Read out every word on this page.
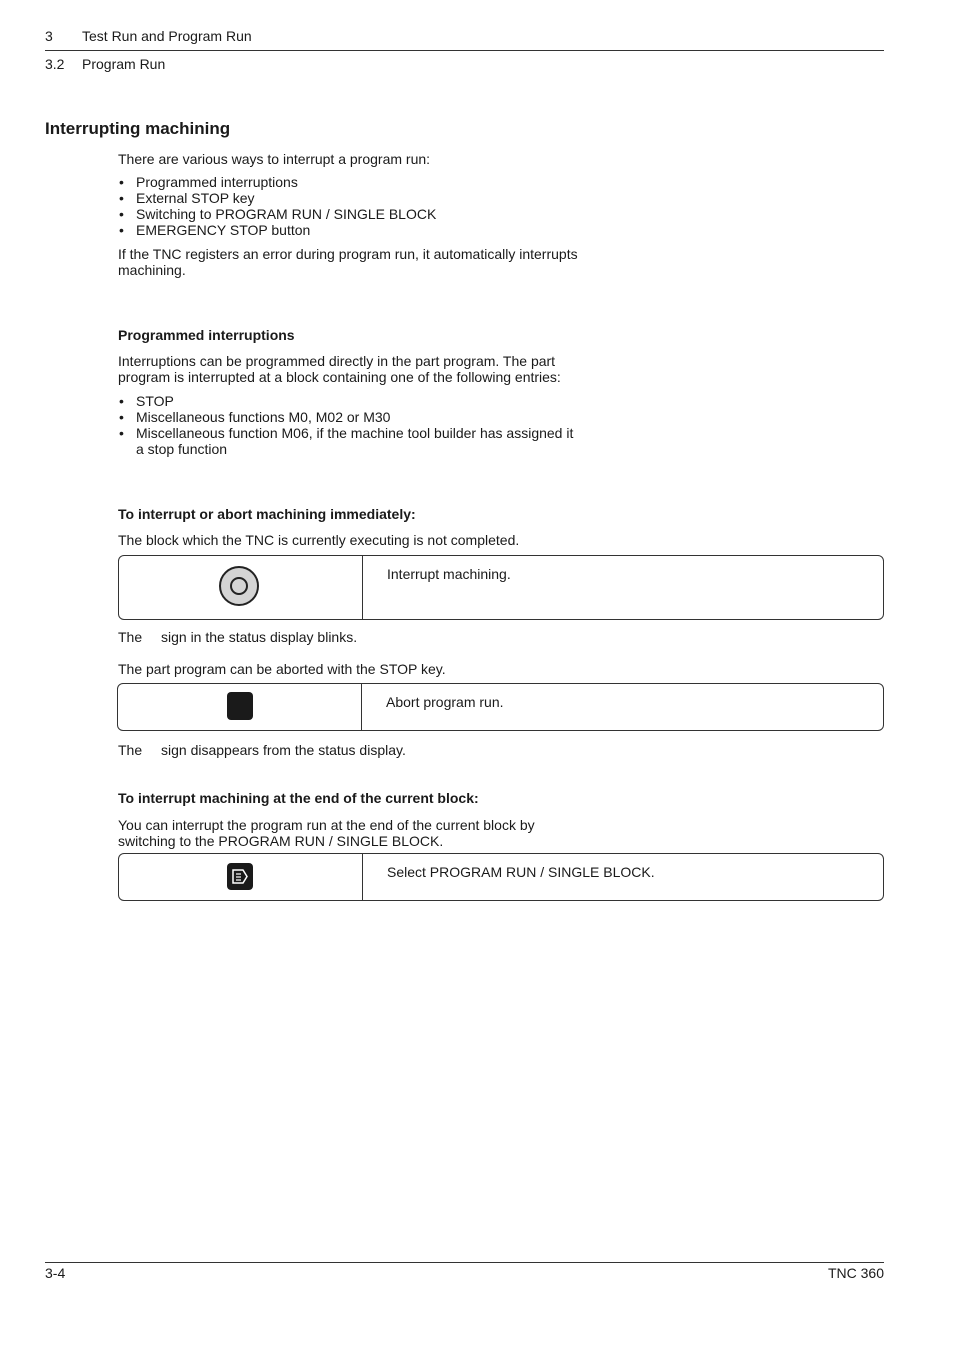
3 Test Run and Program Run
3.2 Program Run
Interrupting machining
There are various ways to interrupt a program run:
• Programmed interruptions
• External STOP key
• Switching to PROGRAM RUN / SINGLE BLOCK
• EMERGENCY STOP button
If the TNC registers an error during program run, it automatically interrupts
machining.
Programmed interruptions
Interruptions can be programmed directly in the part program. The part
program is interrupted at a block containing one of the following entries:
• STOP
• Miscellaneous functions M0, M02 or M30
• Miscellaneous function M06, if the machine tool builder has assigned it
a stop function
To interrupt or abort machining immediately:
The block which the TNC is currently executing is not completed.
Interrupt machining.
The sign in the status display blinks.
The part program can be aborted with the STOP key.
Abort program run.
The sign disappears from the status display.
To interrupt machining at the end of the current block:
You can interrupt the program run at the end of the current block by
switching to the PROGRAM RUN / SINGLE BLOCK.
Select PROGRAM RUN / SINGLE BLOCK.
3-4	TNC 360
